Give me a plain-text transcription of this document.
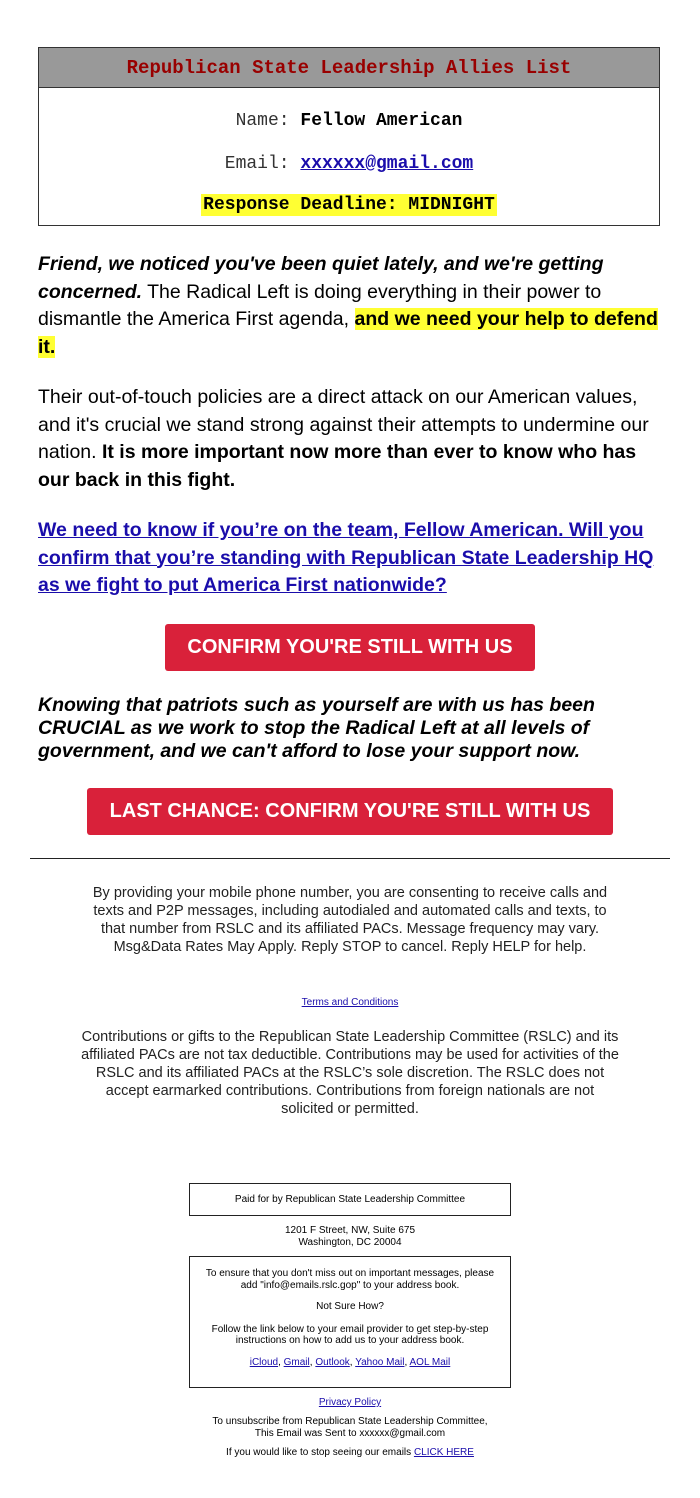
Republican State Leadership Allies List
Name: Fellow American
Email: xxxxxx@gmail.com
Response Deadline: MIDNIGHT
Friend, we noticed you've been quiet lately, and we're getting concerned. The Radical Left is doing everything in their power to dismantle the America First agenda, and we need your help to defend it.
Their out-of-touch policies are a direct attack on our American values, and it's crucial we stand strong against their attempts to undermine our nation. It is more important now more than ever to know who has our back in this fight.
We need to know if you’re on the team, Fellow American. Will you confirm that you’re standing with Republican State Leadership HQ as we fight to put America First nationwide?
CONFIRM YOU'RE STILL WITH US
Knowing that patriots such as yourself are with us has been CRUCIAL as we work to stop the Radical Left at all levels of government, and we can't afford to lose your support now.
LAST CHANCE: CONFIRM YOU'RE STILL WITH US
By providing your mobile phone number, you are consenting to receive calls and texts and P2P messages, including autodialed and automated calls and texts, to that number from RSLC and its affiliated PACs. Message frequency may vary. Msg&Data Rates May Apply. Reply STOP to cancel. Reply HELP for help.
Terms and Conditions
Contributions or gifts to the Republican State Leadership Committee (RSLC) and its affiliated PACs are not tax deductible. Contributions may be used for activities of the RSLC and its affiliated PACs at the RSLC’s sole discretion. The RSLC does not accept earmarked contributions. Contributions from foreign nationals are not solicited or permitted.
Paid for by Republican State Leadership Committee
1201 F Street, NW, Suite 675
Washington, DC 20004
To ensure that you don't miss out on important messages, please add "info@emails.rslc.gop" to your address book.
Not Sure How?
Follow the link below to your email provider to get step-by-step instructions on how to add us to your address book.
iCloud, Gmail, Outlook, Yahoo Mail, AOL Mail
Privacy Policy
To unsubscribe from Republican State Leadership Committee,
This Email was Sent to xxxxxx@gmail.com
If you would like to stop seeing our emails CLICK HERE
